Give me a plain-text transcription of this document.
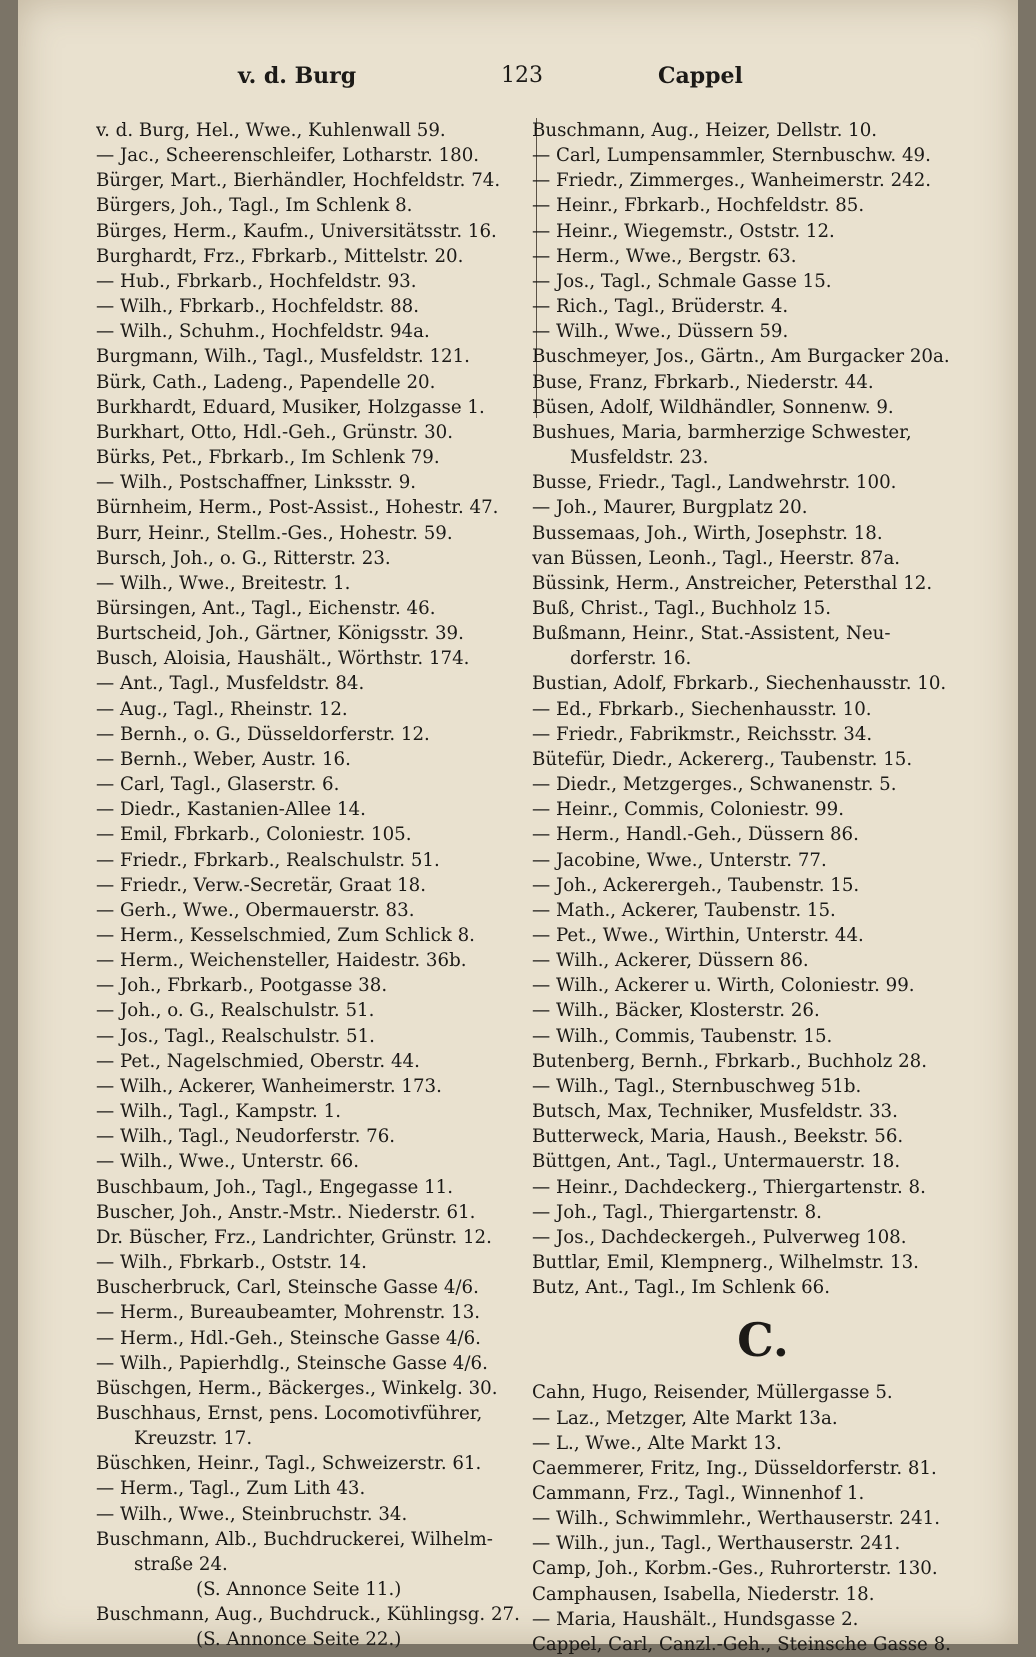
v. d. Burg	123	Cappel
v. d. Burg, Hel., Wwe., Kuhlenwall 59.
— Jac., Scheerenschleifer, Lotharstr. 180.
Bürger, Mart., Bierhändler, Hochfeldstr. 74.
Bürgers, Joh., Tagl., Im Schlenk 8.
Bürges, Herm., Kaufm., Universitätsstr. 16.
Burghardt, Frz., Fbrkarb., Mittelstr. 20.
— Hub., Fbrkarb., Hochfeldstr. 93.
— Wilh., Fbrkarb., Hochfeldstr. 88.
— Wilh., Schuhm., Hochfeldstr. 94a.
Burgmann, Wilh., Tagl., Musfeldstr. 121.
Bürk, Cath., Ladeng., Papendelle 20.
Burkhardt, Eduard, Musiker, Holzgasse 1.
Burkhart, Otto, Hdl.-Geh., Grünstr. 30.
Bürks, Pet., Fbrkarb., Im Schlenk 79.
— Wilh., Postschaffner, Linksstr. 9.
Bürnheim, Herm., Post-Assist., Hohestr. 47.
Burr, Heinr., Stellm.-Ges., Hohestr. 59.
Bursch, Joh., o. G., Ritterstr. 23.
— Wilh., Wwe., Breitestr. 1.
Bürsingen, Ant., Tagl., Eichenstr. 46.
Burtscheid, Joh., Gärtner, Königsstr. 39.
Busch, Aloisia, Haushält., Wörthstr. 174.
— Ant., Tagl., Musfeldstr. 84.
— Aug., Tagl., Rheinstr. 12.
— Bernh., o. G., Düsseldorferstr. 12.
— Bernh., Weber, Austr. 16.
— Carl, Tagl., Glaserstr. 6.
— Diedr., Kastanien-Allee 14.
— Emil, Fbrkarb., Coloniestr. 105.
— Friedr., Fbrkarb., Realschulstr. 51.
— Friedr., Verw.-Secretär, Graat 18.
— Gerh., Wwe., Obermauerstr. 83.
— Herm., Kesselschmied, Zum Schlick 8.
— Herm., Weichensteller, Haidestr. 36b.
— Joh., Fbrkarb., Pootgasse 38.
— Joh., o. G., Realschulstr. 51.
— Jos., Tagl., Realschulstr. 51.
— Pet., Nagelschmied, Oberstr. 44.
— Wilh., Ackerer, Wanheimerstr. 173.
— Wilh., Tagl., Kampstr. 1.
— Wilh., Tagl., Neudorferstr. 76.
— Wilh., Wwe., Unterstr. 66.
Buschbaum, Joh., Tagl., Engegasse 11.
Buscher, Joh., Anstr.-Mstr.. Niederstr. 61.
Dr. Büscher, Frz., Landrichter, Grünstr. 12.
— Wilh., Fbrkarb., Oststr. 14.
Buscherbruck, Carl, Steinsche Gasse 4/6.
— Herm., Bureaubeamter, Mohrenstr. 13.
— Herm., Hdl.-Geh., Steinsche Gasse 4/6.
— Wilh., Papierhdlg., Steinsche Gasse 4/6.
Büschgen, Herm., Bäckerges., Winkelg. 30.
Buschhaus, Ernst, pens. Locomotivführer,
Kreuzstr. 17.
Büschken, Heinr., Tagl., Schweizerstr. 61.
— Herm., Tagl., Zum Lith 43.
— Wilh., Wwe., Steinbruchstr. 34.
Buschmann, Alb., Buchdruckerei, Wilhelm-
straße 24.
(S. Annonce Seite 11.)
Buschmann, Aug., Buchdruck., Kühlingsg. 27.
(S. Annonce Seite 22.)
Buschmann, Aug., Heizer, Dellstr. 10.
— Carl, Lumpensammler, Sternbuschw. 49.
— Friedr., Zimmerges., Wanheimerstr. 242.
— Heinr., Fbrkarb., Hochfeldstr. 85.
— Heinr., Wiegemstr., Oststr. 12.
— Herm., Wwe., Bergstr. 63.
— Jos., Tagl., Schmale Gasse 15.
— Rich., Tagl., Brüderstr. 4.
— Wilh., Wwe., Düssern 59.
Buschmeyer, Jos., Gärtn., Am Burgacker 20a.
Buse, Franz, Fbrkarb., Niederstr. 44.
Büsen, Adolf, Wildhändler, Sonnenw. 9.
Bushues, Maria, barmherzige Schwester,
Musfeldstr. 23.
Busse, Friedr., Tagl., Landwehrstr. 100.
— Joh., Maurer, Burgplatz 20.
Bussemaas, Joh., Wirth, Josephstr. 18.
van Büssen, Leonh., Tagl., Heerstr. 87a.
Büssink, Herm., Anstreicher, Petersthal 12.
Buß, Christ., Tagl., Buchholz 15.
Bußmann, Heinr., Stat.-Assistent, Neu-
dorferstr. 16.
Bustian, Adolf, Fbrkarb., Siechenhausstr. 10.
— Ed., Fbrkarb., Siechenhausstr. 10.
— Friedr., Fabrikmstr., Reichsstr. 34.
Bütefür, Diedr., Ackererg., Taubenstr. 15.
— Diedr., Metzgerges., Schwanenstr. 5.
— Heinr., Commis, Coloniestr. 99.
— Herm., Handl.-Geh., Düssern 86.
— Jacobine, Wwe., Unterstr. 77.
— Joh., Ackerergeh., Taubenstr. 15.
— Math., Ackerer, Taubenstr. 15.
— Pet., Wwe., Wirthin, Unterstr. 44.
— Wilh., Ackerer, Düssern 86.
— Wilh., Ackerer u. Wirth, Coloniestr. 99.
— Wilh., Bäcker, Klosterstr. 26.
— Wilh., Commis, Taubenstr. 15.
Butenberg, Bernh., Fbrkarb., Buchholz 28.
— Wilh., Tagl., Sternbuschweg 51b.
Butsch, Max, Techniker, Musfeldstr. 33.
Butterweck, Maria, Haush., Beekstr. 56.
Büttgen, Ant., Tagl., Untermauerstr. 18.
— Heinr., Dachdeckerg., Thiergartenstr. 8.
— Joh., Tagl., Thiergartenstr. 8.
— Jos., Dachdeckergeh., Pulverweg 108.
Buttlar, Emil, Klempnerg., Wilhelmstr. 13.
Butz, Ant., Tagl., Im Schlenk 66.
C.
Cahn, Hugo, Reisender, Müllergasse 5.
— Laz., Metzger, Alte Markt 13a.
— L., Wwe., Alte Markt 13.
Caemmerer, Fritz, Ing., Düsseldorferstr. 81.
Cammann, Frz., Tagl., Winnenhof 1.
— Wilh., Schwimmlehr., Werthauserstr. 241.
— Wilh., jun., Tagl., Werthauserstr. 241.
Camp, Joh., Korbm.-Ges., Ruhrorterstr. 130.
Camphausen, Isabella, Niederstr. 18.
— Maria, Haushält., Hundsgasse 2.
Cappel, Carl, Canzl.-Geh., Steinsche Gasse 8.
